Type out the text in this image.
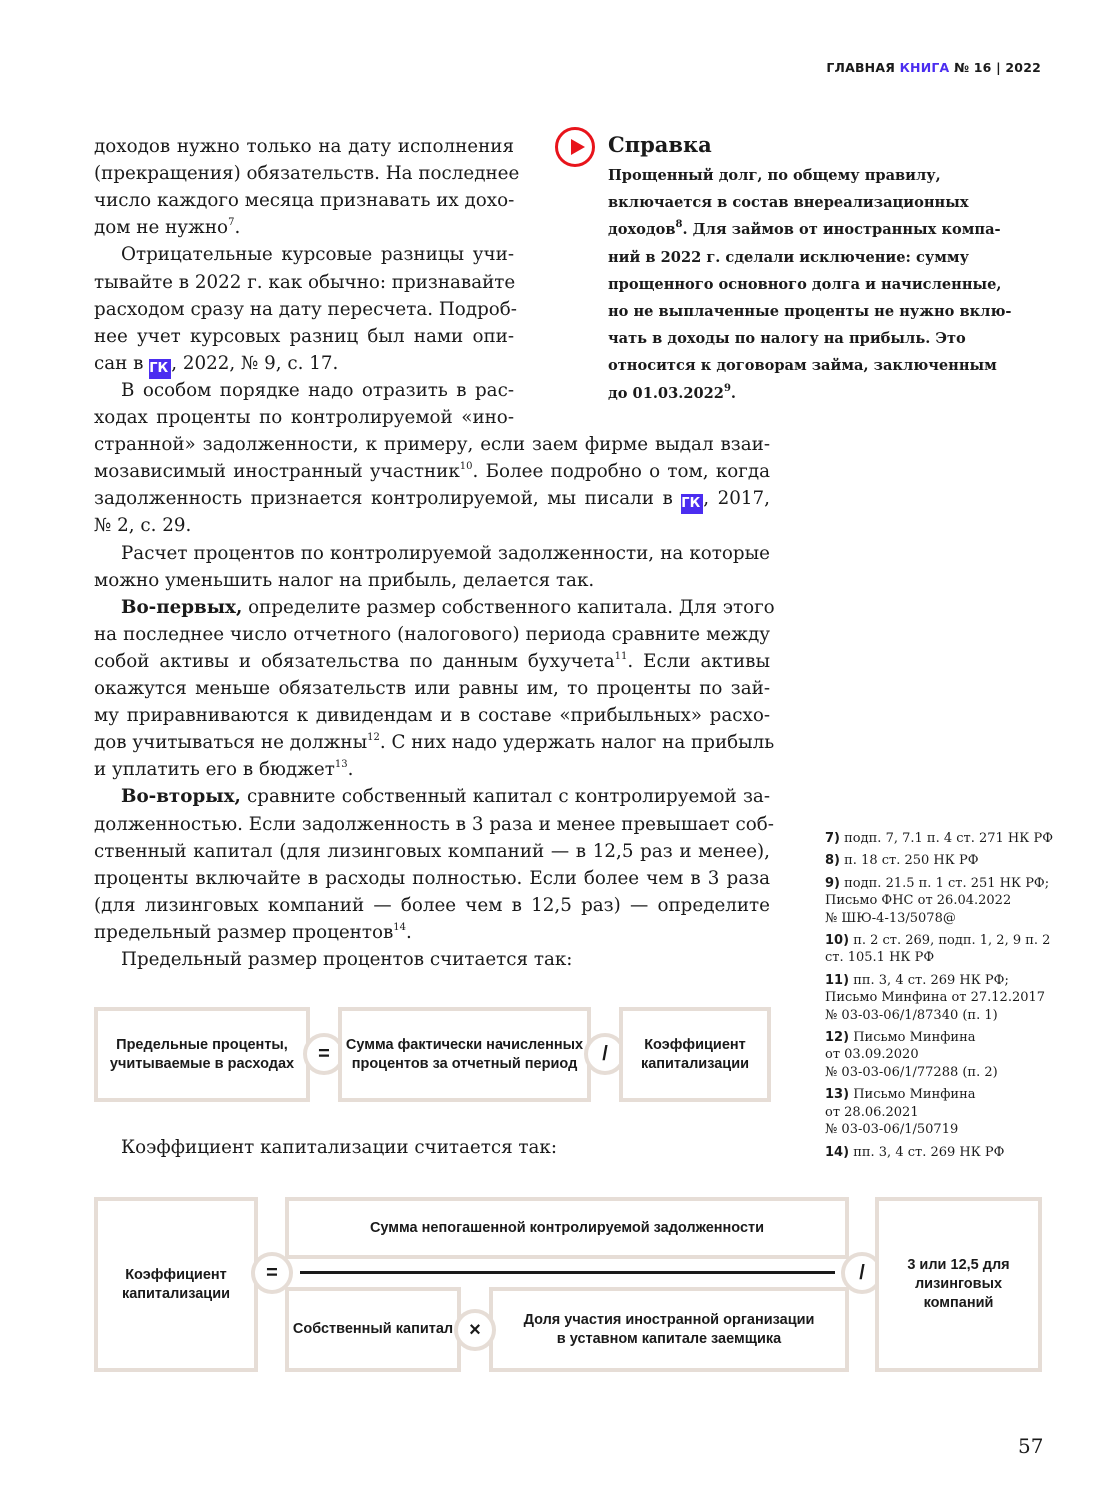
ГЛАВНАЯ КНИГА № 16 | 2022
доходов нужно только на дату исполнения
(прекращения) обязательств. На последнее
число каждого месяца признавать их дохо-
дом не нужно$^7$.
Отрицательные курсовые разницы учи-
тывайте в 2022 г. как обычно: признавайте
расходом сразу на дату пересчета. Подроб-
нее учет курсовых разниц был нами опи-
сан в ГК , 2022, № 9, с. 17.
В особом порядке надо отразить в рас-
ходах проценты по контролируемой «ино-
странной» задолженности, к примеру, если заем фирме выдал взаи-
мозависимый иностранный участник$^{10}$. Более подробно о том, когда
задолженность признается контролируемой, мы писали в ГК , 2017,
№ 2, с. 29.
Расчет процентов по контролируемой задолженности, на которые
можно уменьшить налог на прибыль, делается так.
Во-первых, определите размер собственного капитала. Для этого
на последнее число отчетного (налогового) периода сравните между
собой активы и обязательства по данным бухучета$^{11}$. Если активы
окажутся меньше обязательств или равны им, то проценты по зай-
му приравниваются к дивидендам и в составе «прибыльных» расхо-
дов учитываться не должны$^{12}$. С них надо удержать налог на прибыль
и уплатить его в бюджет$^{13}$.
Во-вторых, сравните собственный капитал с контролируемой за-
долженностью. Если задолженность в 3 раза и менее превышает соб-
ственный капитал (для лизинговых компаний — в 12,5 раз и менее),
проценты включайте в расходы полностью. Если более чем в 3 раза
(для лизинговых компаний — более чем в 12,5 раз) — определите
предельный размер процентов$^{14}$.
Предельный размер процентов считается так:
Справка
Прощенный долг, по общему правилу,
включается в состав внереализационных
доходов$^8$. Для займов от иностранных компа-
ний в 2022 г. сделали исключение: сумму
прощенного основного долга и начисленные,
но не выплаченные проценты не нужно вклю-
чать в доходы по налогу на прибыль. Это
относится к договорам займа, заключенным
до 01.03.2022$^9$.
7) подп. 7, 7.1 п. 4 ст. 271 НК РФ
8) п. 18 ст. 250 НК РФ
9) подп. 21.5 п. 1 ст. 251 НК РФ;
Письмо ФНС от 26.04.2022
№ ШЮ-4-13/5078@
10) п. 2 ст. 269, подп. 1, 2, 9 п. 2
ст. 105.1 НК РФ
11) пп. 3, 4 ст. 269 НК РФ;
Письмо Минфина от 27.12.2017
№ 03-03-06/1/87340 (п. 1)
12) Письмо Минфина
от 03.09.2020
№ 03-03-06/1/77288 (п. 2)
13) Письмо Минфина
от 28.06.2021
№ 03-03-06/1/50719
14) пп. 3, 4 ст. 269 НК РФ
Предельные проценты, учитываемые в расходах	=	Сумма фактически начисленных процентов за отчетный период	/	Коэффициент капитализации
Коэффициент капитализации считается так:
Коэффициент капитализации
Сумма непогашенной контролируемой задолженности
Собственный капитал
Доля участия иностранной организации в уставном капитале заемщика
=
×
/	3 или 12,5 для лизинговых компаний
57
